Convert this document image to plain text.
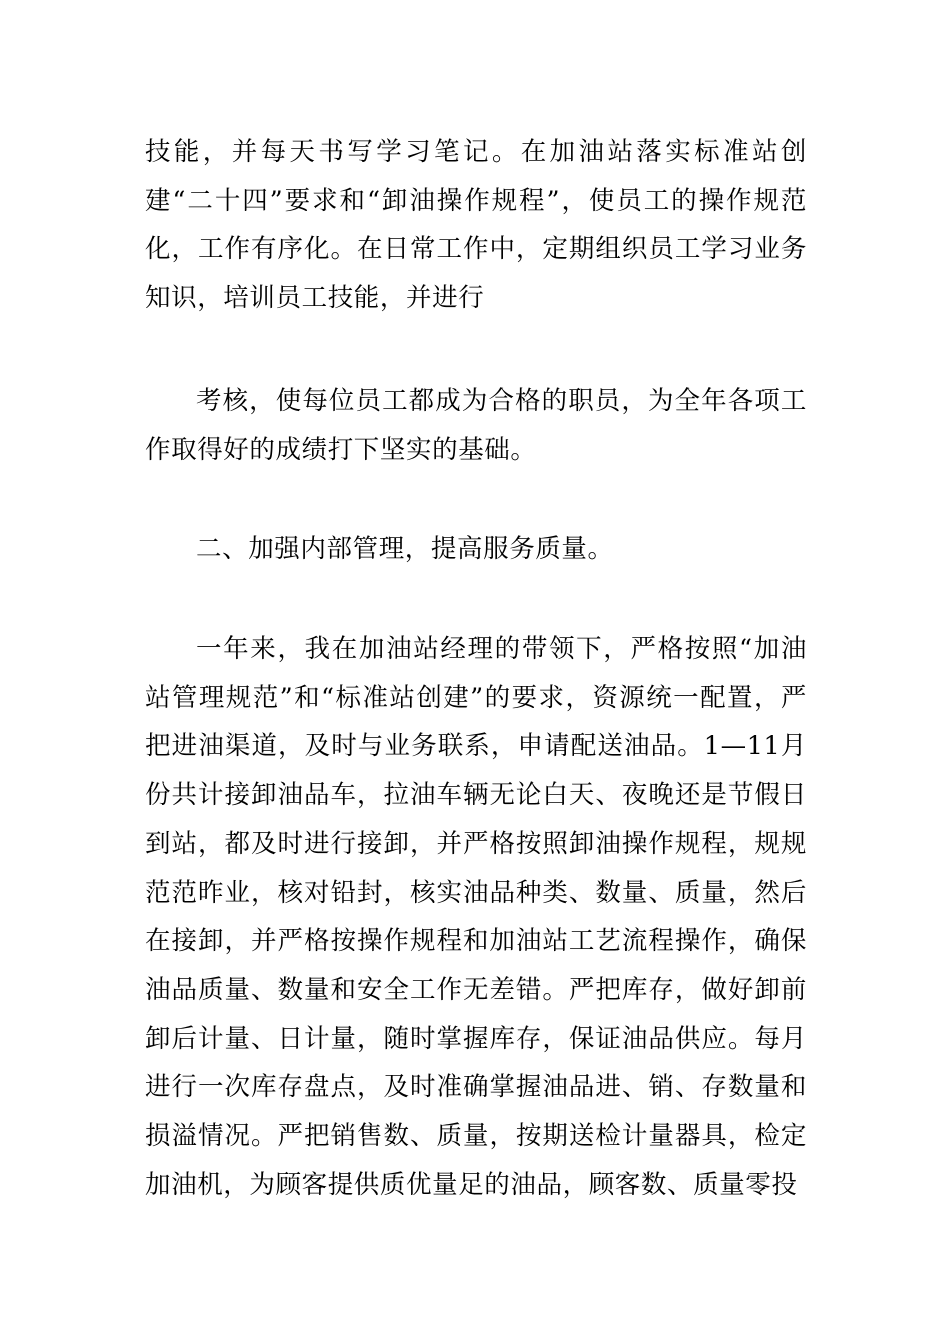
技能，并每天书写学习笔记。在加油站落实标准站创建“二十四”要求和“卸油操作规程”，使员工的操作规范化，工作有序化。在日常工作中，定期组织员工学习业务知识，培训员工技能，并进行

考核，使每位员工都成为合格的职员，为全年各项工作取得好的成绩打下坚实的基础。

二、加强内部管理，提高服务质量。

一年来，我在加油站经理的带领下，严格按照“加油站管理规范”和“标准站创建”的要求，资源统一配置，严把进油渠道，及时与业务联系，申请配送油品。1—11月份共计接卸油品车，拉油车辆无论白天、夜晚还是节假日到站，都及时进行接卸，并严格按照卸油操作规程，规规范范昨业，核对铅封，核实油品种类、数量、质量，然后在接卸，并严格按操作规程和加油站工艺流程操作，确保油品质量、数量和安全工作无差错。严把库存，做好卸前卸后计量、日计量，随时掌握库存，保证油品供应。每月进行一次库存盘点，及时准确掌握油品进、销、存数量和损溢情况。严把销售数、质量，按期送检计量器具，检定加油机，为顾客提供质优量足的油品，顾客数、质量零投
